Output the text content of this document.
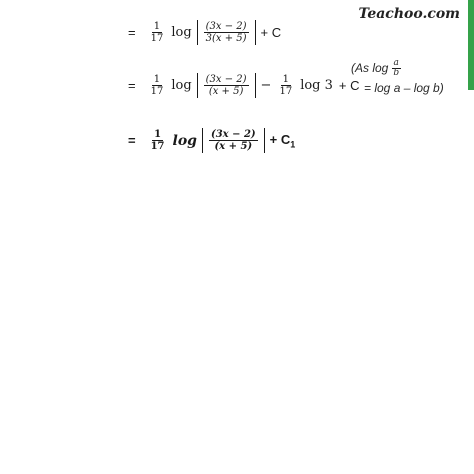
Teachoo.com
= $\frac{1}{17}$ $\log \frac{(3x - 2)}{3(x + 5)} + C$
= $\frac{1}{17}$ $\log \frac{(3x - 2)}{(x + 5)} - \frac{1}{17}$ log 3 + C
(As $\log \frac{a}{b}$
= log a – log b)
= $\frac{1}{17}$ $\log \frac{(3x - 2)}{(x + 5)} + C_1$
